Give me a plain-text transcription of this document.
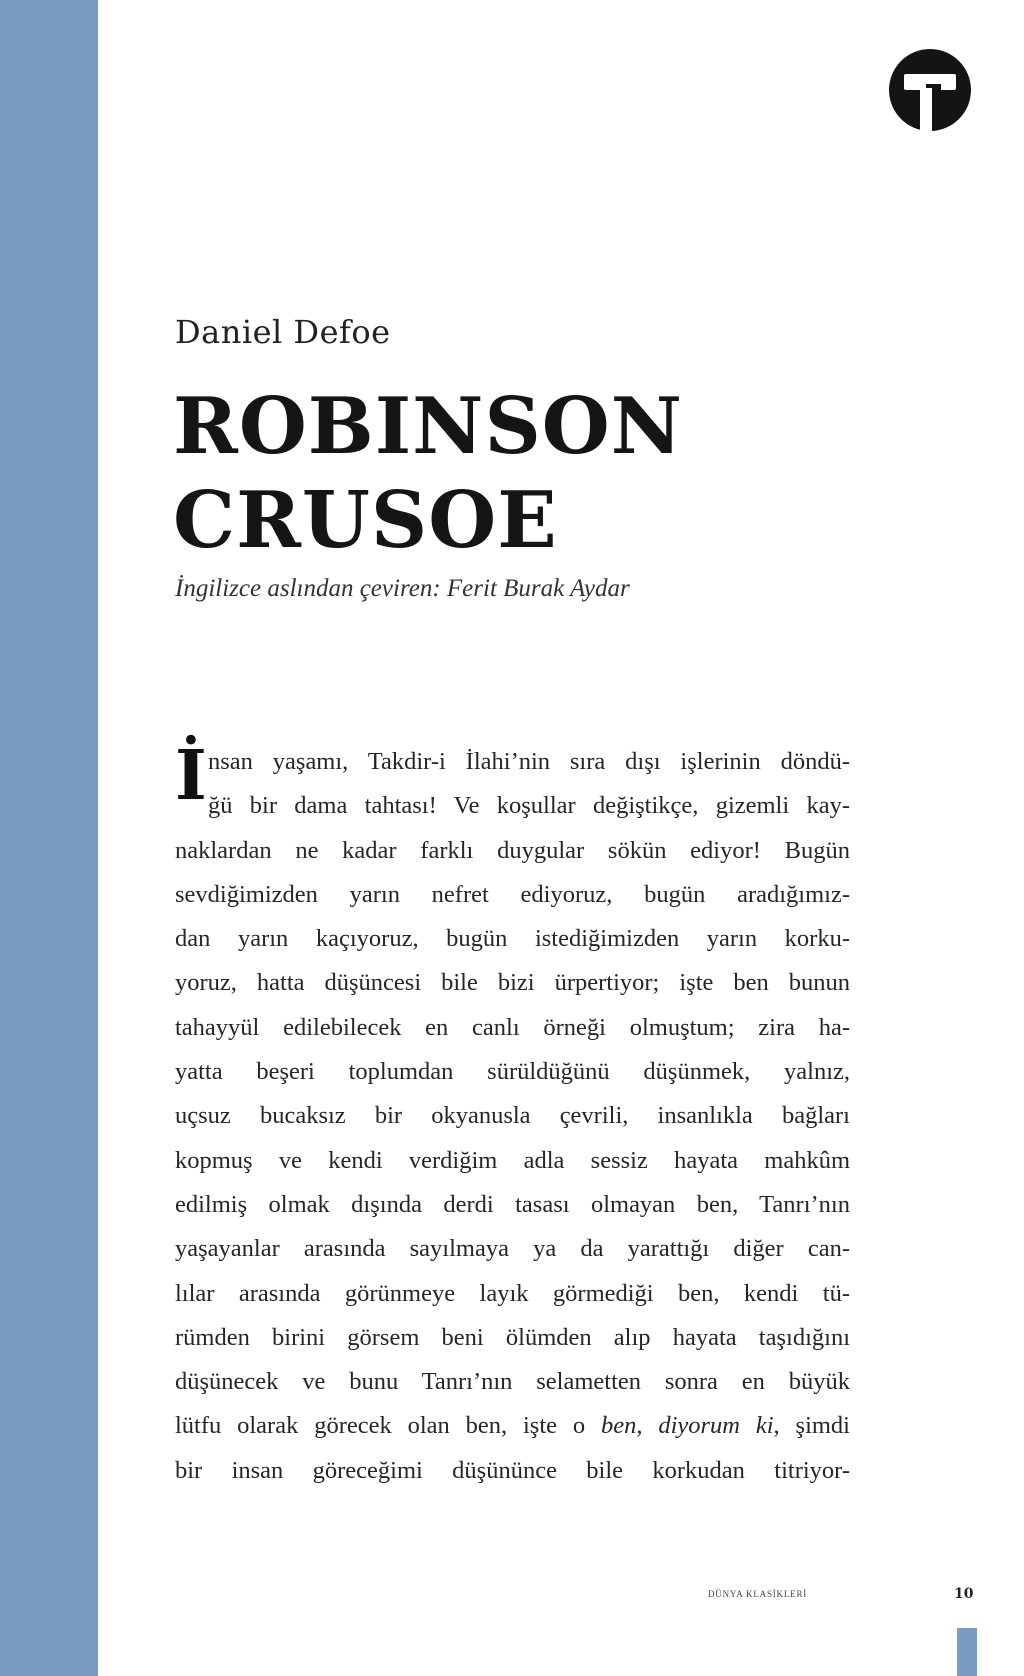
Daniel Defoe
ROBINSON
CRUSOE
İngilizce aslından çeviren: Ferit Burak Aydar
İ nsan yaşamı, Takdir-i İlahi’nin sıra dışı işlerinin döndü-
ğü bir dama tahtası! Ve koşullar değiştikçe, gizemli kay-
naklardan ne kadar farklı duygular sökün ediyor! Bugün
sevdiğimizden yarın nefret ediyoruz, bugün aradığımız-
dan yarın kaçıyoruz, bugün istediğimizden yarın korku-
yoruz, hatta düşüncesi bile bizi ürpertiyor; işte ben bunun
tahayyül edilebilecek en canlı örneği olmuştum; zira ha-
yatta beşeri toplumdan sürüldüğünü düşünmek, yalnız,
uçsuz bucaksız bir okyanusla çevrili, insanlıkla bağları
kopmuş ve kendi verdiğim adla sessiz hayata mahkûm
edilmiş olmak dışında derdi tasası olmayan ben, Tanrı’nın
yaşayanlar arasında sayılmaya ya da yarattığı diğer can-
lılar arasında görünmeye layık görmediği ben, kendi tü-
rümden birini görsem beni ölümden alıp hayata taşıdığını
düşünecek ve bunu Tanrı’nın selametten sonra en büyük
lütfu olarak görecek olan ben, işte o ben, diyorum ki, şimdi
bir insan göreceğimi düşününce bile korkudan titriyor-
DÜNYA KLASİKLERİ	10
